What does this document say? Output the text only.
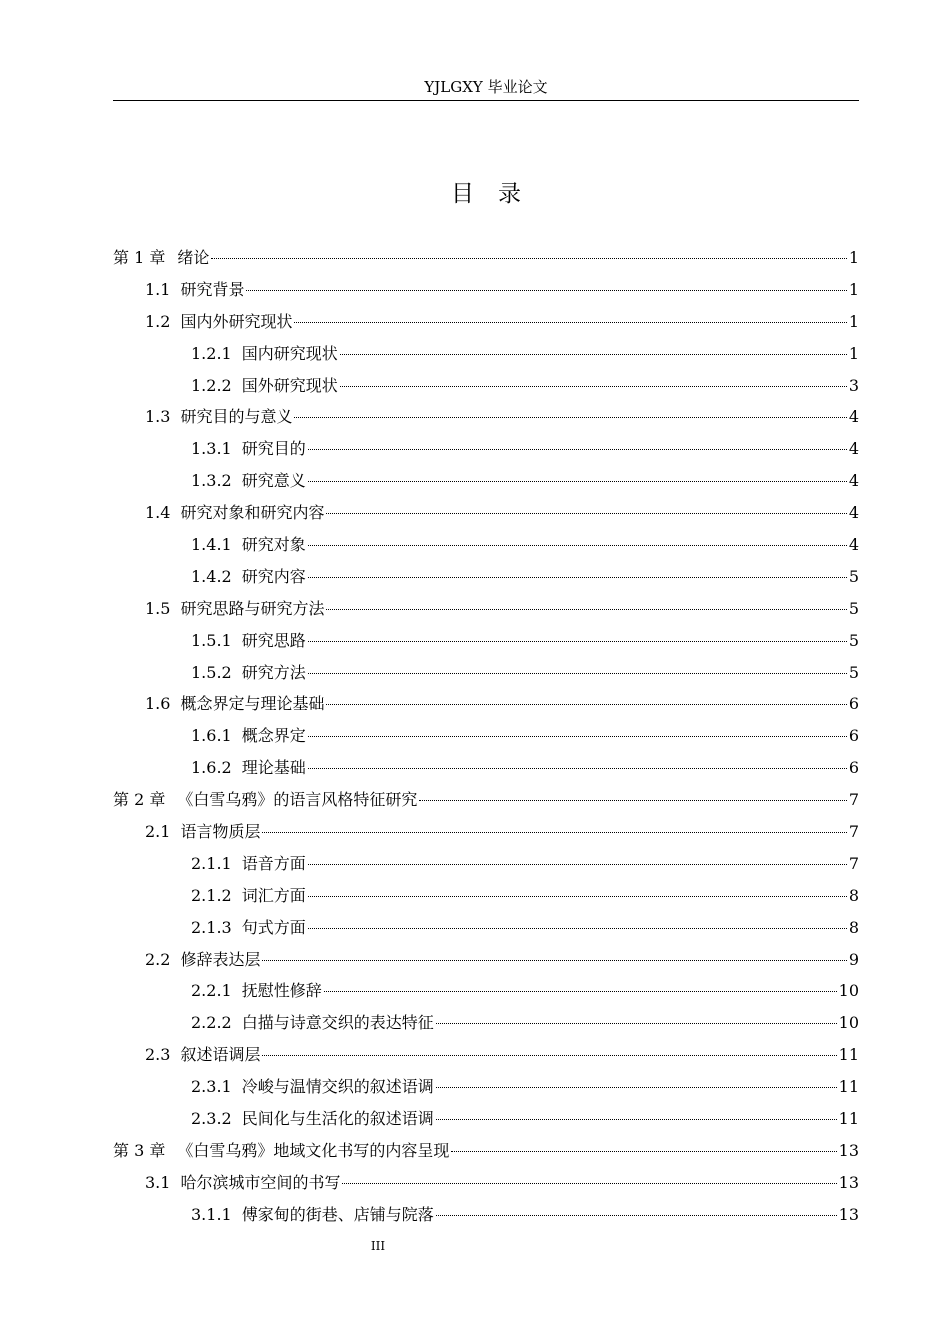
YJLGXY 毕业论文
目录
第 1 章 绪论	1
1.1 研究背景	1
1.2 国内外研究现状	1
1.2.1 国内研究现状	1
1.2.2 国外研究现状	3
1.3 研究目的与意义	4
1.3.1 研究目的	4
1.3.2 研究意义	4
1.4 研究对象和研究内容	4
1.4.1 研究对象	4
1.4.2 研究内容	5
1.5 研究思路与研究方法	5
1.5.1 研究思路	5
1.5.2 研究方法	5
1.6 概念界定与理论基础	6
1.6.1 概念界定	6
1.6.2 理论基础	6
第 2 章 《白雪乌鸦》的语言风格特征研究	7
2.1 语言物质层	7
2.1.1 语音方面	7
2.1.2 词汇方面	8
2.1.3 句式方面	8
2.2 修辞表达层	9
2.2.1 抚慰性修辞	10
2.2.2 白描与诗意交织的表达特征	10
2.3 叙述语调层	11
2.3.1 冷峻与温情交织的叙述语调	11
2.3.2 民间化与生活化的叙述语调	11
第 3 章 《白雪乌鸦》地域文化书写的内容呈现	13
3.1 哈尔滨城市空间的书写	13
3.1.1 傅家甸的街巷、店铺与院落	13
III
